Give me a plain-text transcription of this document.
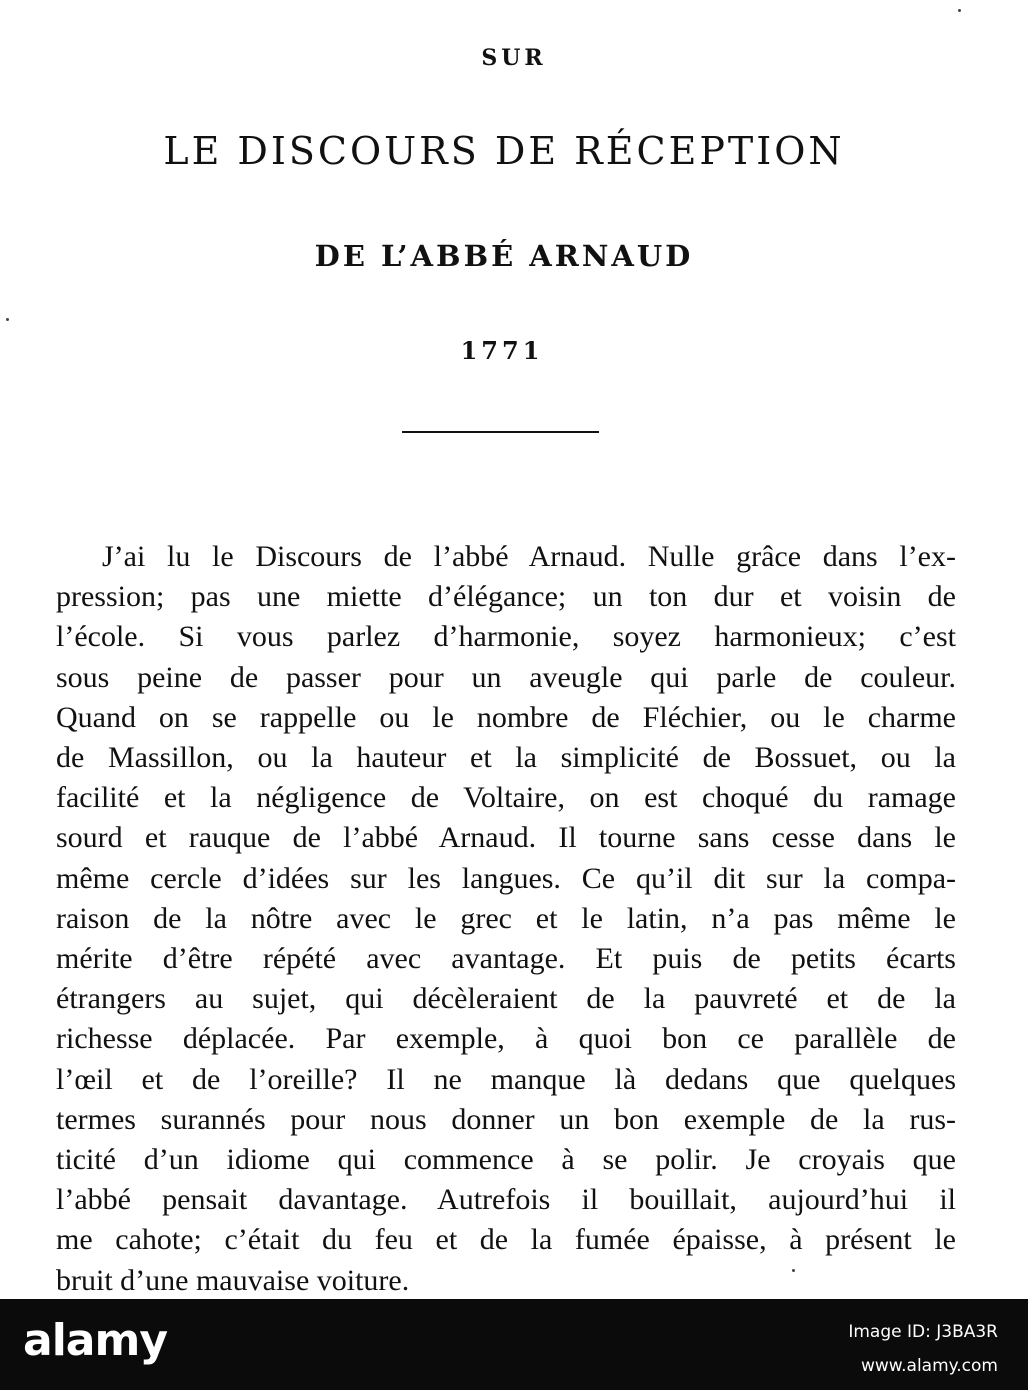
SUR
LE DISCOURS DE RÉCEPTION
DE L’ABBÉ ARNAUD
1771
J’ai lu le Discours de l’abbé Arnaud. Nulle grâce dans l’ex-
pression; pas une miette d’élégance; un ton dur et voisin de
l’école. Si vous parlez d’harmonie, soyez harmonieux; c’est
sous peine de passer pour un aveugle qui parle de couleur.
Quand on se rappelle ou le nombre de Fléchier, ou le charme
de Massillon, ou la hauteur et la simplicité de Bossuet, ou la
facilité et la négligence de Voltaire, on est choqué du ramage
sourd et rauque de l’abbé Arnaud. Il tourne sans cesse dans le
même cercle d’idées sur les langues. Ce qu’il dit sur la compa-
raison de la nôtre avec le grec et le latin, n’a pas même le
mérite d’être répété avec avantage. Et puis de petits écarts
étrangers au sujet, qui décèleraient de la pauvreté et de la
richesse déplacée. Par exemple, à quoi bon ce parallèle de
l’œil et de l’oreille? Il ne manque là dedans que quelques
termes surannés pour nous donner un bon exemple de la rus-
ticité d’un idiome qui commence à se polir. Je croyais que
l’abbé pensait davantage. Autrefois il bouillait, aujourd’hui il
me cahote; c’était du feu et de la fumée épaisse, à présent le
bruit d’une mauvaise voiture.
alamy	Image ID: J3BA3R
www.alamy.com
